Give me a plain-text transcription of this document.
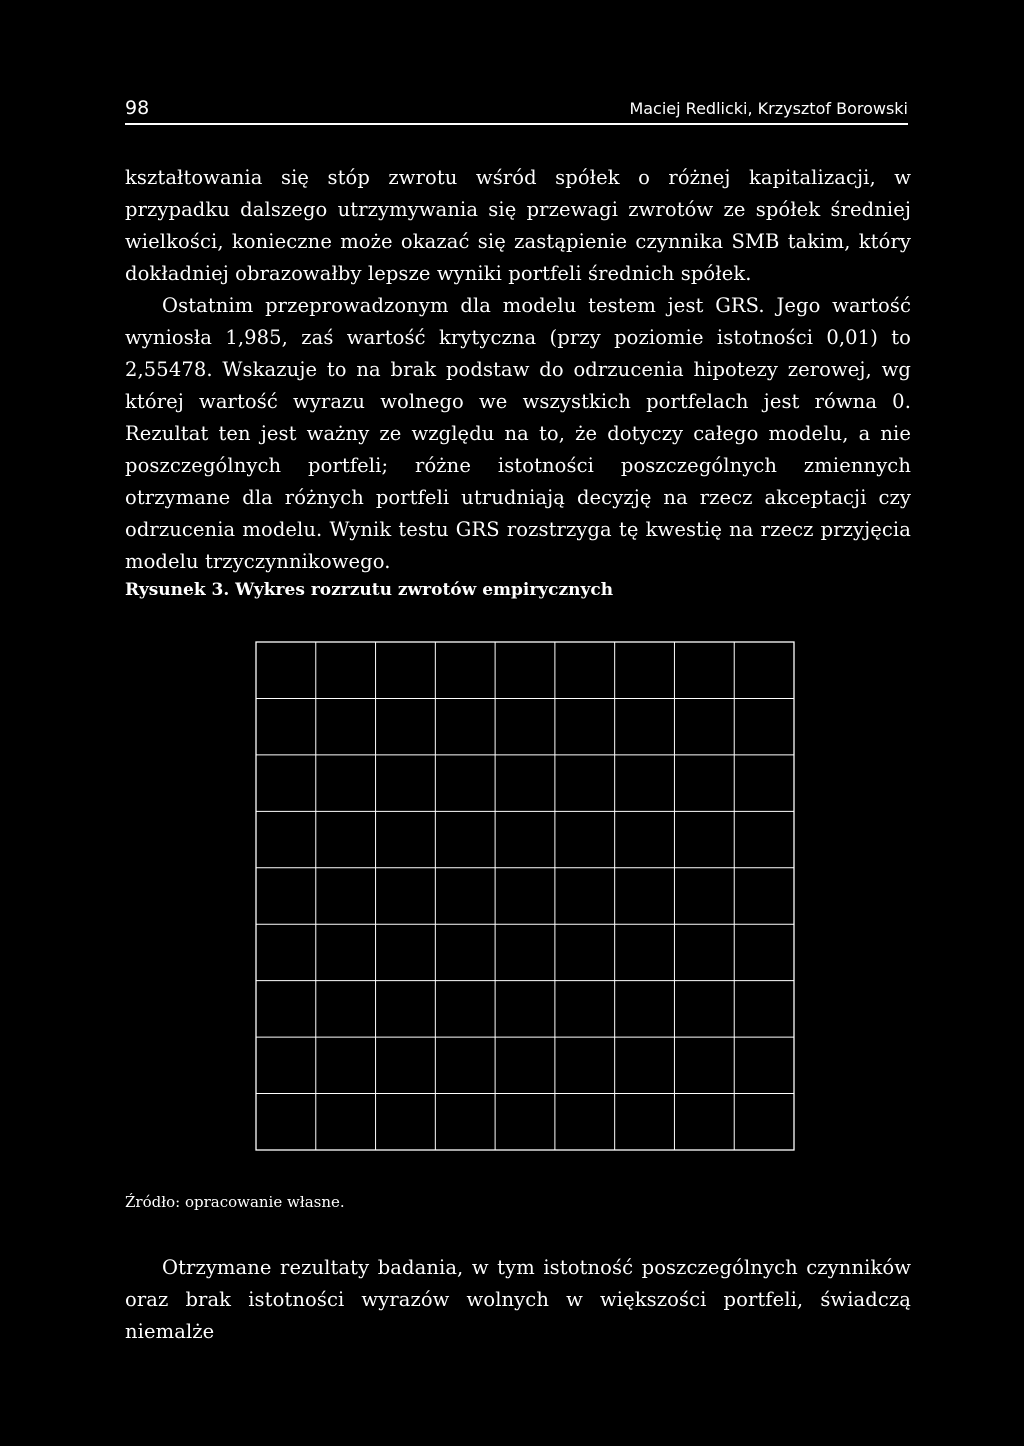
98	Maciej Redlicki, Krzysztof Borowski

kształtowania się stóp zwrotu wśród spółek o różnej kapitalizacji, w przypadku dalszego utrzymywania się przewagi zwrotów ze spółek średniej wielkości, konieczne może okazać się zastąpienie czynnika SMB takim, który dokładniej obrazowałby lepsze wyniki portfeli średnich spółek.

Ostatnim przeprowadzonym dla modelu testem jest GRS. Jego wartość wyniosła 1,985, zaś wartość krytyczna (przy poziomie istotności 0,01) to 2,55478. Wskazuje to na brak podstaw do odrzucenia hipotezy zerowej, wg której wartość wyrazu wolnego we wszystkich portfelach jest równa 0. Rezultat ten jest ważny ze względu na to, że dotyczy całego modelu, a nie poszczególnych portfeli; różne istotności poszczególnych zmiennych otrzymane dla różnych portfeli utrudniają decyzję na rzecz akceptacji czy odrzucenia modelu. Wynik testu GRS rozstrzyga tę kwestię na rzecz przyjęcia modelu trzyczynnikowego.

Rysunek 3. Wykres rozrzutu zwrotów empirycznych
Źródło: opracowanie własne.

Otrzymane rezultaty badania, w tym istotność poszczególnych czynników oraz brak istotności wyrazów wolnych w większości portfeli, świadczą niemalże
